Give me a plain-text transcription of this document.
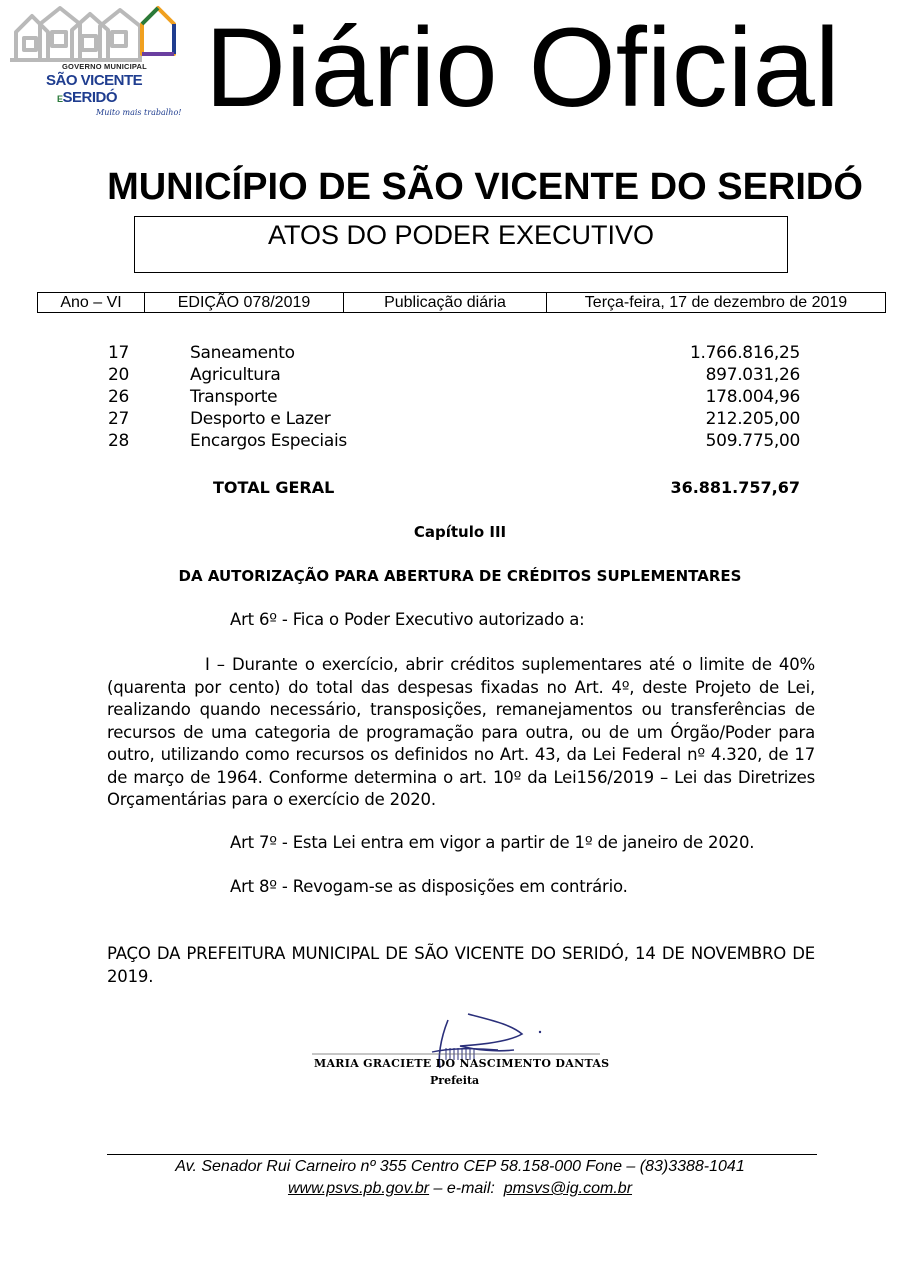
GOVERNO MUNICIPAL
SÃO VICENTE
ESERIDÓ
Muito mais trabalho! Diário Oficial
MUNICÍPIO DE SÃO VICENTE DO SERIDÓ
ATOS DO PODER EXECUTIVO
Ano – VI	EDIÇÃO 078/2019	Publicação diária	Terça-feira, 17 de dezembro de 2019
17	Saneamento	1.766.816,25
20	Agricultura	897.031,26
26	Transporte	178.004,96
27	Desporto e Lazer	212.205,00
28	Encargos Especiais	509.775,00
TOTAL GERAL	36.881.757,67
Capítulo III
DA AUTORIZAÇÃO PARA ABERTURA DE CRÉDITOS SUPLEMENTARES
Art 6º - Fica o Poder Executivo autorizado a:
I – Durante o exercício, abrir créditos suplementares até o limite de 40% (quarenta por cento) do total das despesas fixadas no Art. 4º, deste Projeto de Lei, realizando quando necessário, transposições, remanejamentos ou transferências de recursos de uma categoria de programação para outra, ou de um Órgão/Poder para outro, utilizando como recursos os definidos no Art. 43, da Lei Federal nº 4.320, de 17 de março de 1964. Conforme determina o art. 10º da Lei156/2019 – Lei das Diretrizes Orçamentárias para o exercício de 2020.
Art 7º - Esta Lei entra em vigor a partir de 1º de janeiro de 2020.
Art 8º - Revogam-se as disposições em contrário.
PAÇO DA PREFEITURA MUNICIPAL DE SÃO VICENTE DO SERIDÓ, 14 DE NOVEMBRO DE 2019.
MARIA GRACIETE DO NASCIMENTO DANTAS
Prefeita
Av. Senador Rui Carneiro nº 355 Centro CEP 58.158-000 Fone – (83)3388-1041
www.psvs.pb.gov.br – e-mail:  pmsvs@ig.com.br
